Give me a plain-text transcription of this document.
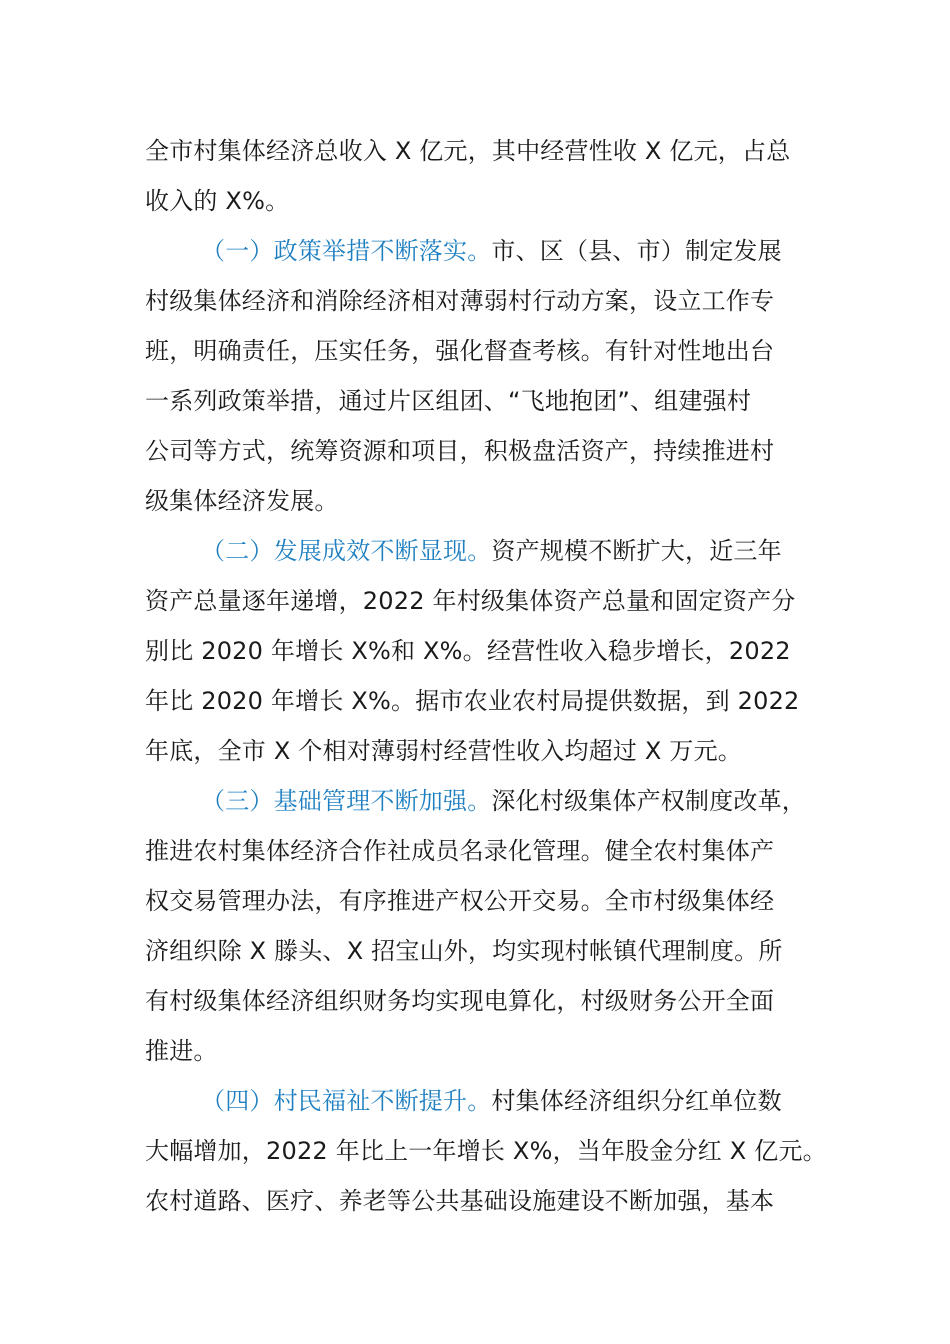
全市村集体经济总收入 X 亿元，其中经营性收 X 亿元，占总
收入的 X%。
（一）政策举措不断落实。市、区（县、市）制定发展
村级集体经济和消除经济相对薄弱村行动方案，设立工作专
班，明确责任，压实任务，强化督查考核。有针对性地出台
一系列政策举措，通过片区组团、“飞地抱团”、组建强村
公司等方式，统筹资源和项目，积极盘活资产，持续推进村
级集体经济发展。
（二）发展成效不断显现。资产规模不断扩大，近三年
资产总量逐年递增，2022 年村级集体资产总量和固定资产分
别比 2020 年增长 X%和 X%。经营性收入稳步增长，2022
年比 2020 年增长 X%。据市农业农村局提供数据，到 2022
年底，全市 X 个相对薄弱村经营性收入均超过 X 万元。
（三）基础管理不断加强。深化村级集体产权制度改革，
推进农村集体经济合作社成员名录化管理。健全农村集体产
权交易管理办法，有序推进产权公开交易。全市村级集体经
济组织除 X 滕头、X 招宝山外，均实现村帐镇代理制度。所
有村级集体经济组织财务均实现电算化，村级财务公开全面
推进。
（四）村民福祉不断提升。村集体经济组织分红单位数
大幅增加，2022 年比上一年增长 X%，当年股金分红 X 亿元。
农村道路、医疗、养老等公共基础设施建设不断加强，基本
